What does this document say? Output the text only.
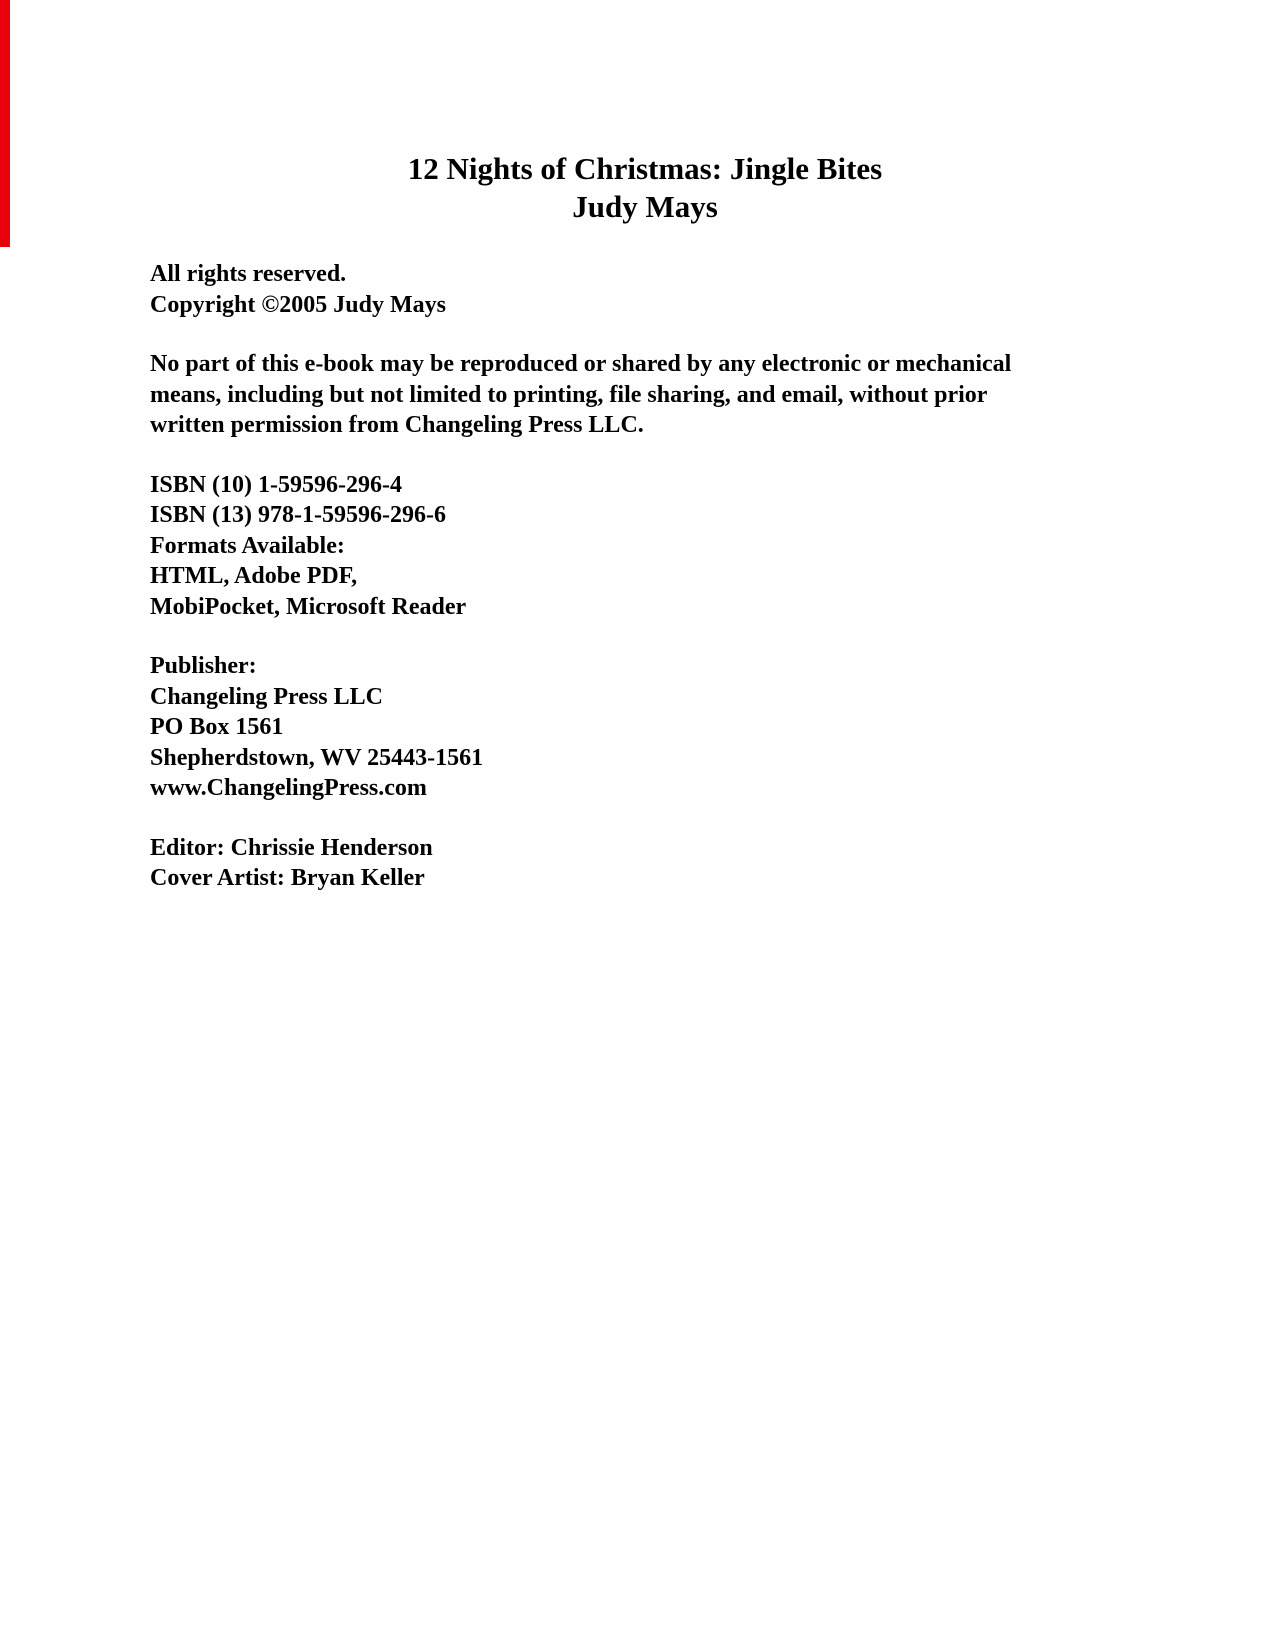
12 Nights of Christmas: Jingle Bites
Judy Mays
All rights reserved.
Copyright ©2005 Judy Mays
No part of this e-book may be reproduced or shared by any electronic or mechanical
means, including but not limited to printing, file sharing, and email, without prior
written permission from Changeling Press LLC.
ISBN (10) 1-59596-296-4
ISBN (13) 978-1-59596-296-6
Formats Available:
HTML, Adobe PDF,
MobiPocket, Microsoft Reader
Publisher:
Changeling Press LLC
PO Box 1561
Shepherdstown, WV 25443-1561
www.ChangelingPress.com
Editor: Chrissie Henderson
Cover Artist: Bryan Keller
